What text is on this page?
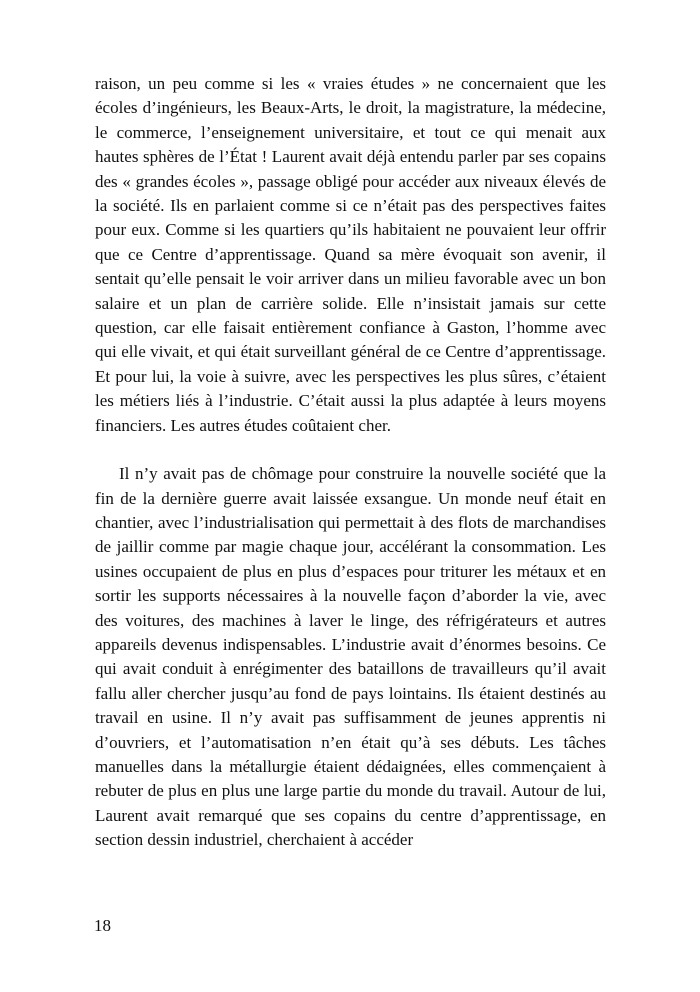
raison, un peu comme si les « vraies études » ne concernaient que les écoles d’ingénieurs, les Beaux-Arts, le droit, la magistrature, la médecine, le commerce, l’enseignement universitaire, et tout ce qui menait aux hautes sphères de l’État ! Laurent avait déjà entendu parler par ses copains des « grandes écoles », passage obligé pour accéder aux niveaux élevés de la société. Ils en parlaient comme si ce n’était pas des perspectives faites pour eux. Comme si les quartiers qu’ils habitaient ne pouvaient leur offrir que ce Centre d’apprentissage. Quand sa mère évoquait son avenir, il sentait qu’elle pensait le voir arriver dans un milieu favorable avec un bon salaire et un plan de carrière solide. Elle n’insistait jamais sur cette question, car elle faisait entièrement confiance à Gaston, l’homme avec qui elle vivait, et qui était surveillant général de ce Centre d’apprentissage. Et pour lui, la voie à suivre, avec les perspectives les plus sûres, c’étaient les métiers liés à l’industrie. C’était aussi la plus adaptée à leurs moyens financiers. Les autres études coûtaient cher.

Il n’y avait pas de chômage pour construire la nouvelle société que la fin de la dernière guerre avait laissée exsangue. Un monde neuf était en chantier, avec l’industrialisation qui permettait à des flots de marchandises de jaillir comme par magie chaque jour, accélérant la consommation. Les usines occupaient de plus en plus d’espaces pour triturer les métaux et en sortir les supports nécessaires à la nouvelle façon d’aborder la vie, avec des voitures, des machines à laver le linge, des réfrigérateurs et autres appareils devenus indispensables. L’industrie avait d’énormes besoins. Ce qui avait conduit à enrégimenter des bataillons de travailleurs qu’il avait fallu aller chercher jusqu’au fond de pays lointains. Ils étaient destinés au travail en usine. Il n’y avait pas suffisamment de jeunes apprentis ni d’ouvriers, et l’automatisation n’en était qu’à ses débuts. Les tâches manuelles dans la métallurgie étaient dédaignées, elles commençaient à rebuter de plus en plus une large partie du monde du travail. Autour de lui, Laurent avait remarqué que ses copains du centre d’apprentissage, en section dessin industriel, cherchaient à accéder

18
